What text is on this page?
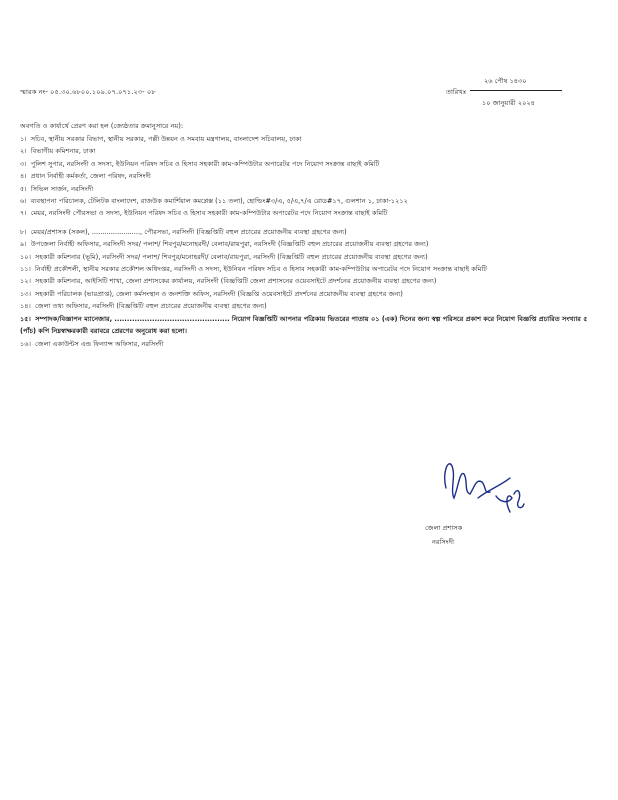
স্মারক নং- ০৫.৩০.৬৮০০.১০৯.০৭.০৭১.২৩- ০৮
২৬ পৌষ ১৪৩০
তারিখঃ
১০ জানুয়ারী ২০২৪
অবগতি ও কার্যার্থে প্রেরণ করা হল (জ্যেষ্ঠতার ক্রমানুসারে নয়):

১। সচিব, স্থানীয় সরকার বিভাগ, স্থানীয় সরকার, পল্লী উন্নয়ন ও সমবায় মন্ত্রণালয়, বাংলাদেশ সচিবালয়, ঢাকা

২। বিভাগীয় কমিশনার, ঢাকা

৩। পুলিশ সুপার, নরসিংদী ও সদস্য, ইউনিয়ন পরিষদ সচিব ও হিসাব সহকারী কাম-কম্পিউটার অপারেটর পদে নিয়োগ সংক্রান্ত বাছাই কমিটি

৪। প্রধান নির্বাহী কর্মকর্তা, জেলা পরিষদ, নরসিংদী

৫। সিভিল সার্জন, নরসিংদী

৬। ব্যবস্থাপনা পরিচালক, টেলিটক বাংলাদেশ, রাজউক কমার্শিয়াল কমপ্লেক্স (১১ তলা), হোল্ডিং#৩/এ, ৫/এ,৭/এ রোড#১৭, গুলশান ১, ঢাকা-১২১২

৭। মেয়র, নরসিংদী পৌরসভা ও সদস্য, ইউনিয়ন পরিষদ সচিব ও হিসাব সহকারী কাম-কম্পিউটার অপারেটর পদে নিয়োগ সংক্রান্ত বাছাই কমিটি

৮। মেয়র/প্রশাসক (সকল), ......................., পৌরসভা, নরসিংদী (বিজ্ঞপ্তিটি বহুল প্রচারের প্রয়োজনীয় ব্যবস্থা গ্রহণের জন্য)

৯। উপজেলা নির্বাহী অফিসার, নরসিংদী সদর/ পলাশ/ শিবপুর/মনোহরদী/ বেলাব/রায়পুরা, নরসিংদী (বিজ্ঞপ্তিটি বহুল প্রচারের প্রয়োজনীয় ব্যবস্থা গ্রহণের জন্য)

১০। সহকারী কমিশনার (ভূমি), নরসিংদী সদর/ পলাশ/ শিবপুর/মনোহরদী/ বেলাব/রায়পুরা, নরসিংদী (বিজ্ঞপ্তিটি বহুল প্রচারের প্রয়োজনীয় ব্যবস্থা গ্রহণের জন্য)

১১। নির্বাহী প্রকৌশলী, স্থানীয় সরকার প্রকৌশল অধিদপ্তর, নরসিংদী ও সদস্য, ইউনিয়ন পরিষদ সচিব ও হিসাব সহকারী কাম-কম্পিউটার অপারেটর পদে নিয়োগ সংক্রান্ত বাছাই কমিটি

১২। সহকারী কমিশনার, আইসিটি শাখা, জেলা প্রশাসকের কার্যালয়, নরসিংদী (বিজ্ঞপ্তিটি জেলা প্রশাসনের ওয়েবসাইটে প্রদর্শনের প্রয়োজনীয় ব্যবস্থা গ্রহণের জন্য)

১৩। সহকারী পরিচালক (ভারপ্রাপ্ত), জেলা কর্মসংস্থান ও জনশক্তি অফিস, নরসিংদী (বিজ্ঞপ্তি ওয়েবসাইটে প্রদর্শনের প্রয়োজনীয় ব্যবস্থা গ্রহণের জন্য)

১৪। জেলা তথ্য অফিসার, নরসিংদী (বিজ্ঞপ্তিটি বহুল প্রচারের প্রয়োজনীয় ব্যবস্থা গ্রহণের জন্য)

১৫। সম্পাদক/বিজ্ঞাপন ম্যানেজার, .............................................. নিয়োগ বিজ্ঞপ্তিটি আপনার পত্রিকায় ভিতরের পাতায় ০১ (এক) দিনের জন্য স্বল্প পরিসরে প্রকাশ করে নিয়োগ বিজ্ঞপ্তি প্রচারিত সংখ্যার ৫ (পাঁচ) কপি নিম্নস্বাক্ষরকারী বরাবরে প্রেরণের অনুরোধ করা হলো।

১৬। জেলা একাউন্টস এন্ড ফিন্যান্স অফিসার, নরসিংদী

জেলা প্রশাসক
নরসিংদী
